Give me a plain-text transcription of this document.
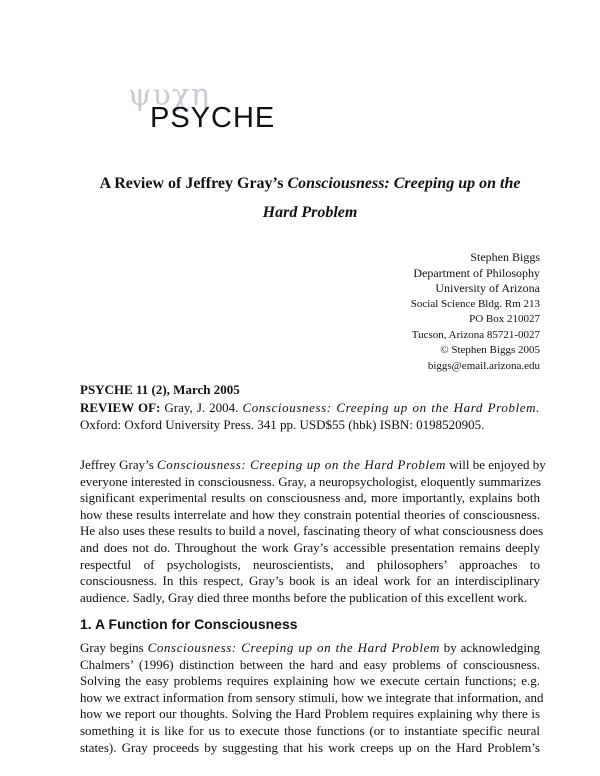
ψυχη
PSYCHE
A Review of Jeffrey Gray’s Consciousness: Creeping up on the
Hard Problem
Stephen Biggs
Department of Philosophy
University of Arizona
Social Science Bldg. Rm 213
PO Box 210027
Tucson, Arizona 85721-0027
© Stephen Biggs 2005
biggs@email.arizona.edu
PSYCHE 11 (2), March 2005
REVIEW OF: Gray, J. 2004. Consciousness: Creeping up on the Hard Problem.
Oxford: Oxford University Press. 341 pp. USD$55 (hbk) ISBN: 0198520905.
Jeffrey Gray’s Consciousness: Creeping up on the Hard Problem will be enjoyed by
everyone interested in consciousness. Gray, a neuropsychologist, eloquently summarizes
significant experimental results on consciousness and, more importantly, explains both
how these results interrelate and how they constrain potential theories of consciousness.
He also uses these results to build a novel, fascinating theory of what consciousness does
and does not do. Throughout the work Gray’s accessible presentation remains deeply
respectful of psychologists, neuroscientists, and philosophers’ approaches to
consciousness. In this respect, Gray’s book is an ideal work for an interdisciplinary
audience. Sadly, Gray died three months before the publication of this excellent work.
1. A Function for Consciousness
Gray begins Consciousness: Creeping up on the Hard Problem by acknowledging
Chalmers’ (1996) distinction between the hard and easy problems of consciousness.
Solving the easy problems requires explaining how we execute certain functions; e.g.
how we extract information from sensory stimuli, how we integrate that information, and
how we report our thoughts. Solving the Hard Problem requires explaining why there is
something it is like for us to execute those functions (or to instantiate specific neural
states). Gray proceeds by suggesting that his work creeps up on the Hard Problem’s
